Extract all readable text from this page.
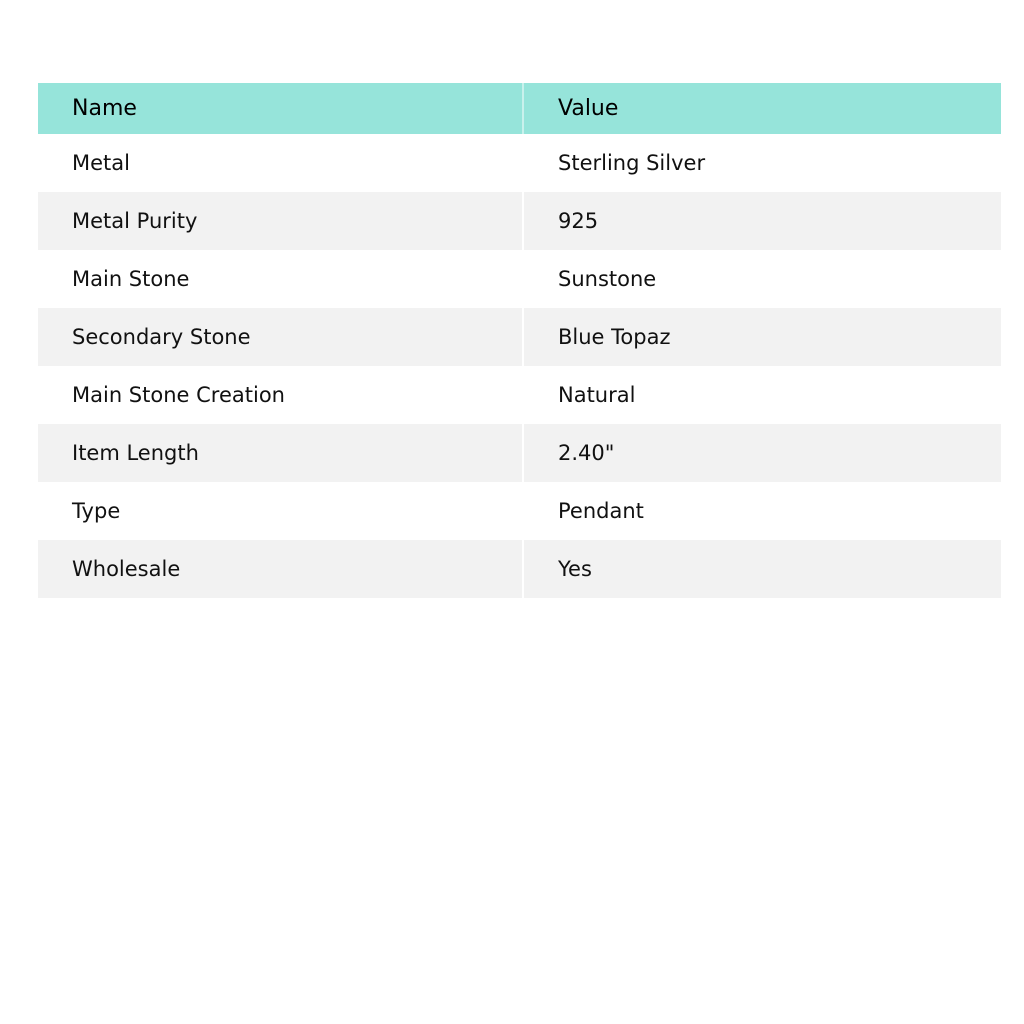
Name	Value
Metal	Sterling Silver
Metal Purity	925
Main Stone	Sunstone
Secondary Stone	Blue Topaz
Main Stone Creation	Natural
Item Length	2.40"
Type	Pendant
Wholesale	Yes
